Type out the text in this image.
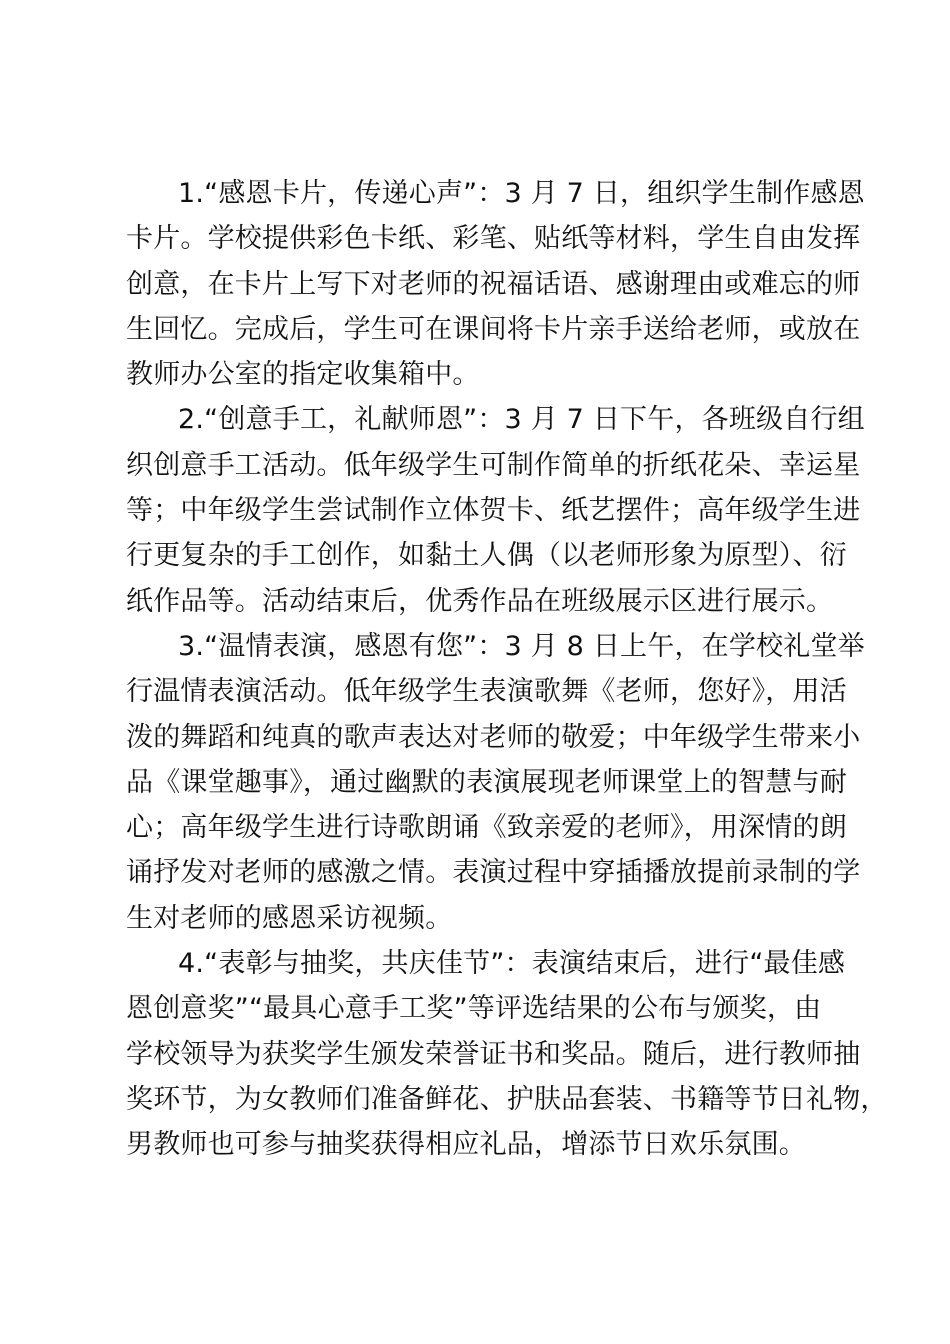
1.“感恩卡片，传递心声”：3 月 7 日，组织学生制作感恩
卡片。学校提供彩色卡纸、彩笔、贴纸等材料，学生自由发挥
创意，在卡片上写下对老师的祝福话语、感谢理由或难忘的师
生回忆。完成后，学生可在课间将卡片亲手送给老师，或放在
教师办公室的指定收集箱中。
2.“创意手工，礼献师恩”：3 月 7 日下午，各班级自行组
织创意手工活动。低年级学生可制作简单的折纸花朵、幸运星
等；中年级学生尝试制作立体贺卡、纸艺摆件；高年级学生进
行更复杂的手工创作，如黏土人偶（以老师形象为原型）、衍
纸作品等。活动结束后，优秀作品在班级展示区进行展示。
3.“温情表演，感恩有您”：3 月 8 日上午，在学校礼堂举
行温情表演活动。低年级学生表演歌舞《老师，您好》，用活
泼的舞蹈和纯真的歌声表达对老师的敬爱；中年级学生带来小
品《课堂趣事》，通过幽默的表演展现老师课堂上的智慧与耐
心；高年级学生进行诗歌朗诵《致亲爱的老师》，用深情的朗
诵抒发对老师的感激之情。表演过程中穿插播放提前录制的学
生对老师的感恩采访视频。
4.“表彰与抽奖，共庆佳节”：表演结束后，进行“最佳感
恩创意奖”“最具心意手工奖”等评选结果的公布与颁奖，由
学校领导为获奖学生颁发荣誉证书和奖品。随后，进行教师抽
奖环节，为女教师们准备鲜花、护肤品套装、书籍等节日礼物，
男教师也可参与抽奖获得相应礼品，增添节日欢乐氛围。
